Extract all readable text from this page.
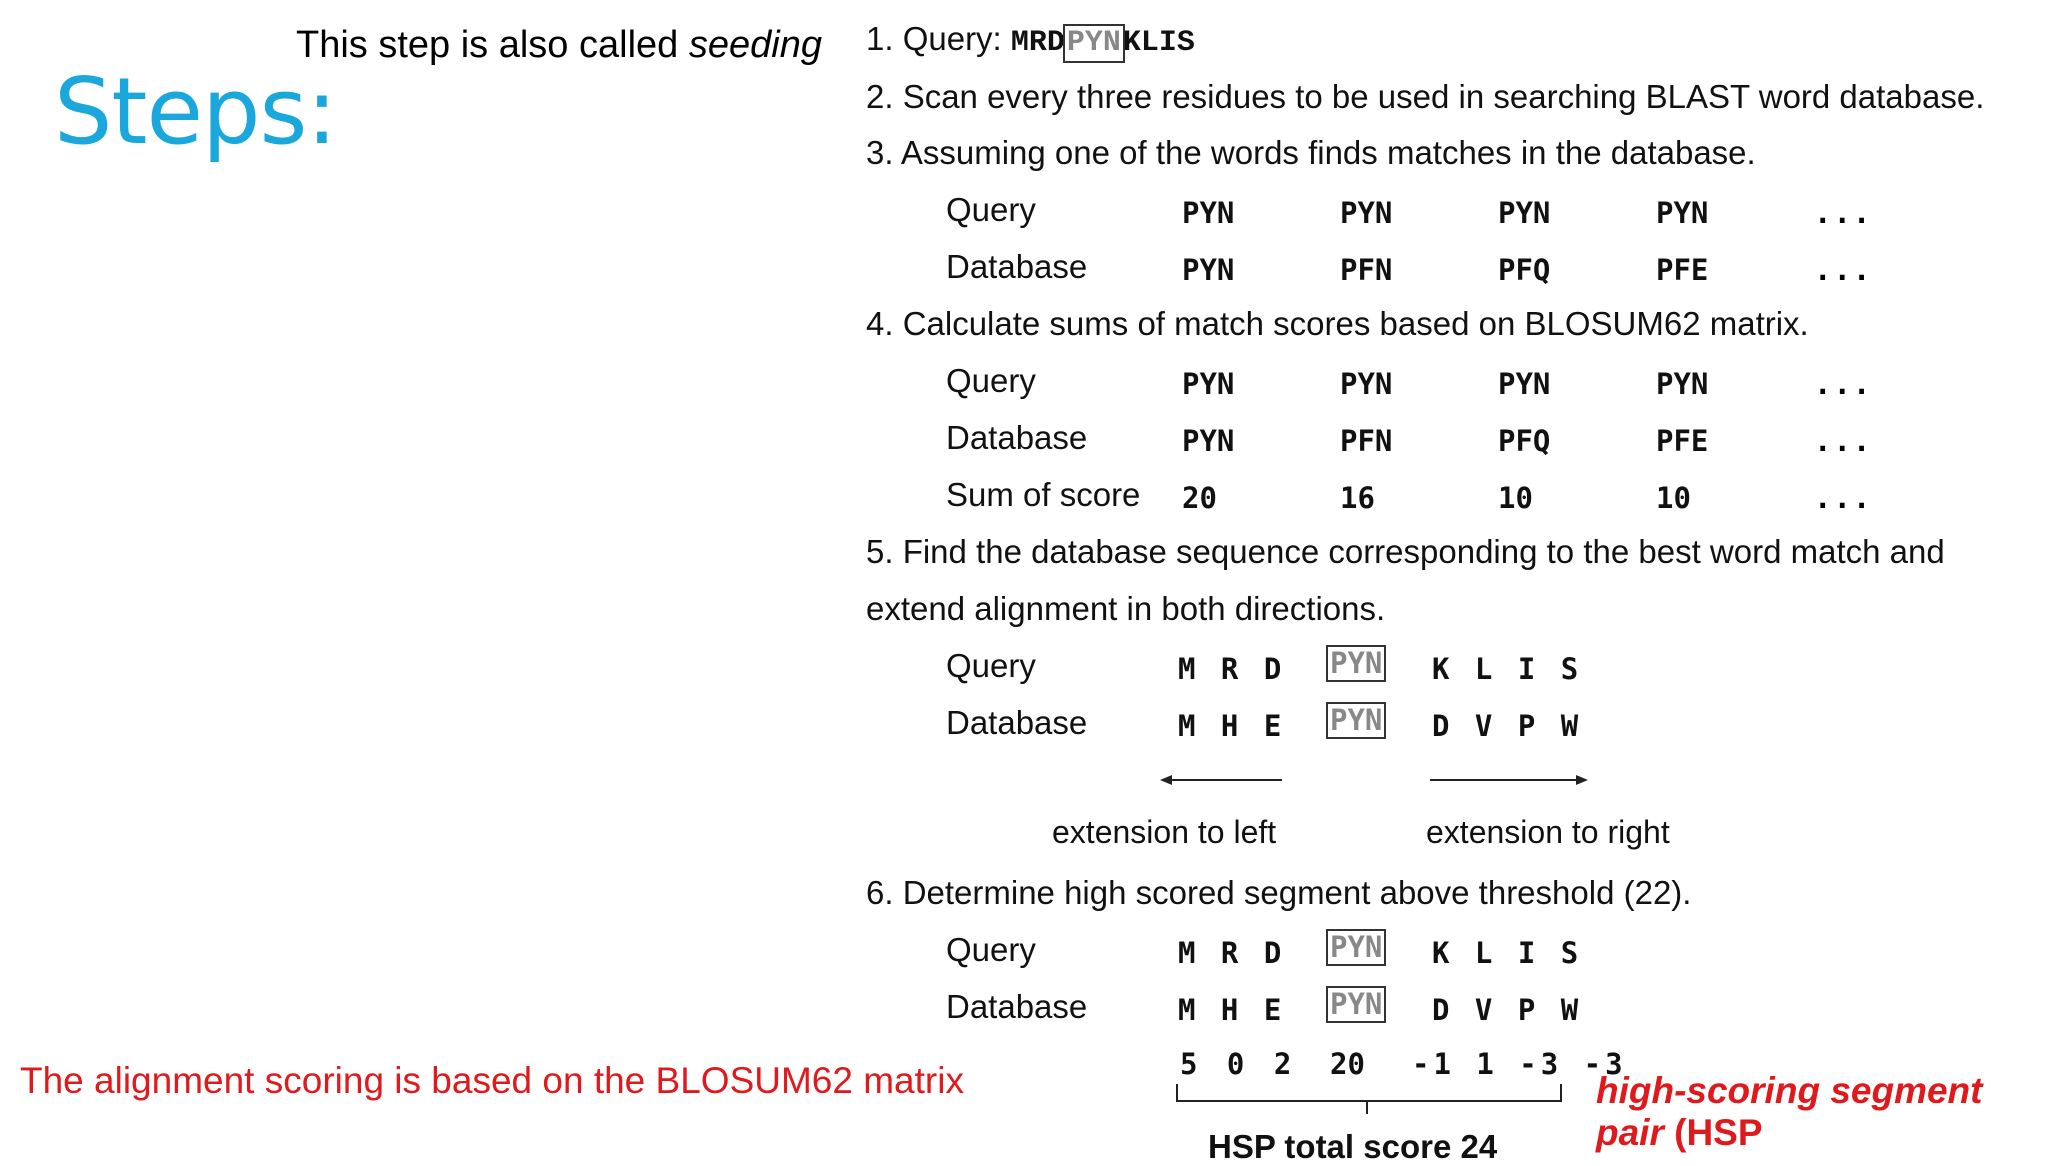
Steps:
This step is also called seeding 1. Query: MRDPYNKLIS
2. Scan every three residues to be used in searching BLAST word database.
3. Assuming one of the words finds matches in the database.
Query	PYN	PYN	PYN	PYN	...
Database	PYN	PFN	PFQ	PFE	...
4. Calculate sums of match scores based on BLOSUM62 matrix.
Query	PYN	PYN	PYN	PYN	...
Database	PYN	PFN	PFQ	PFE	...
Sum of score 20	16	10	10	...
5. Find the database sequence corresponding to the best word match and
extend alignment in both directions.
Query	M R D PYN K L I S
Database	M H E PYN D V P W
extension to left	extension to right
6. Determine high scored segment above threshold (22).
Query	M R D PYN K L I S
Database	M H E PYN D V P W
5 0 2 20 -1 1 -3 -3
HSP total score 24
high-scoring segment
pair (HSP
The alignment scoring is based on the BLOSUM62 matrix
